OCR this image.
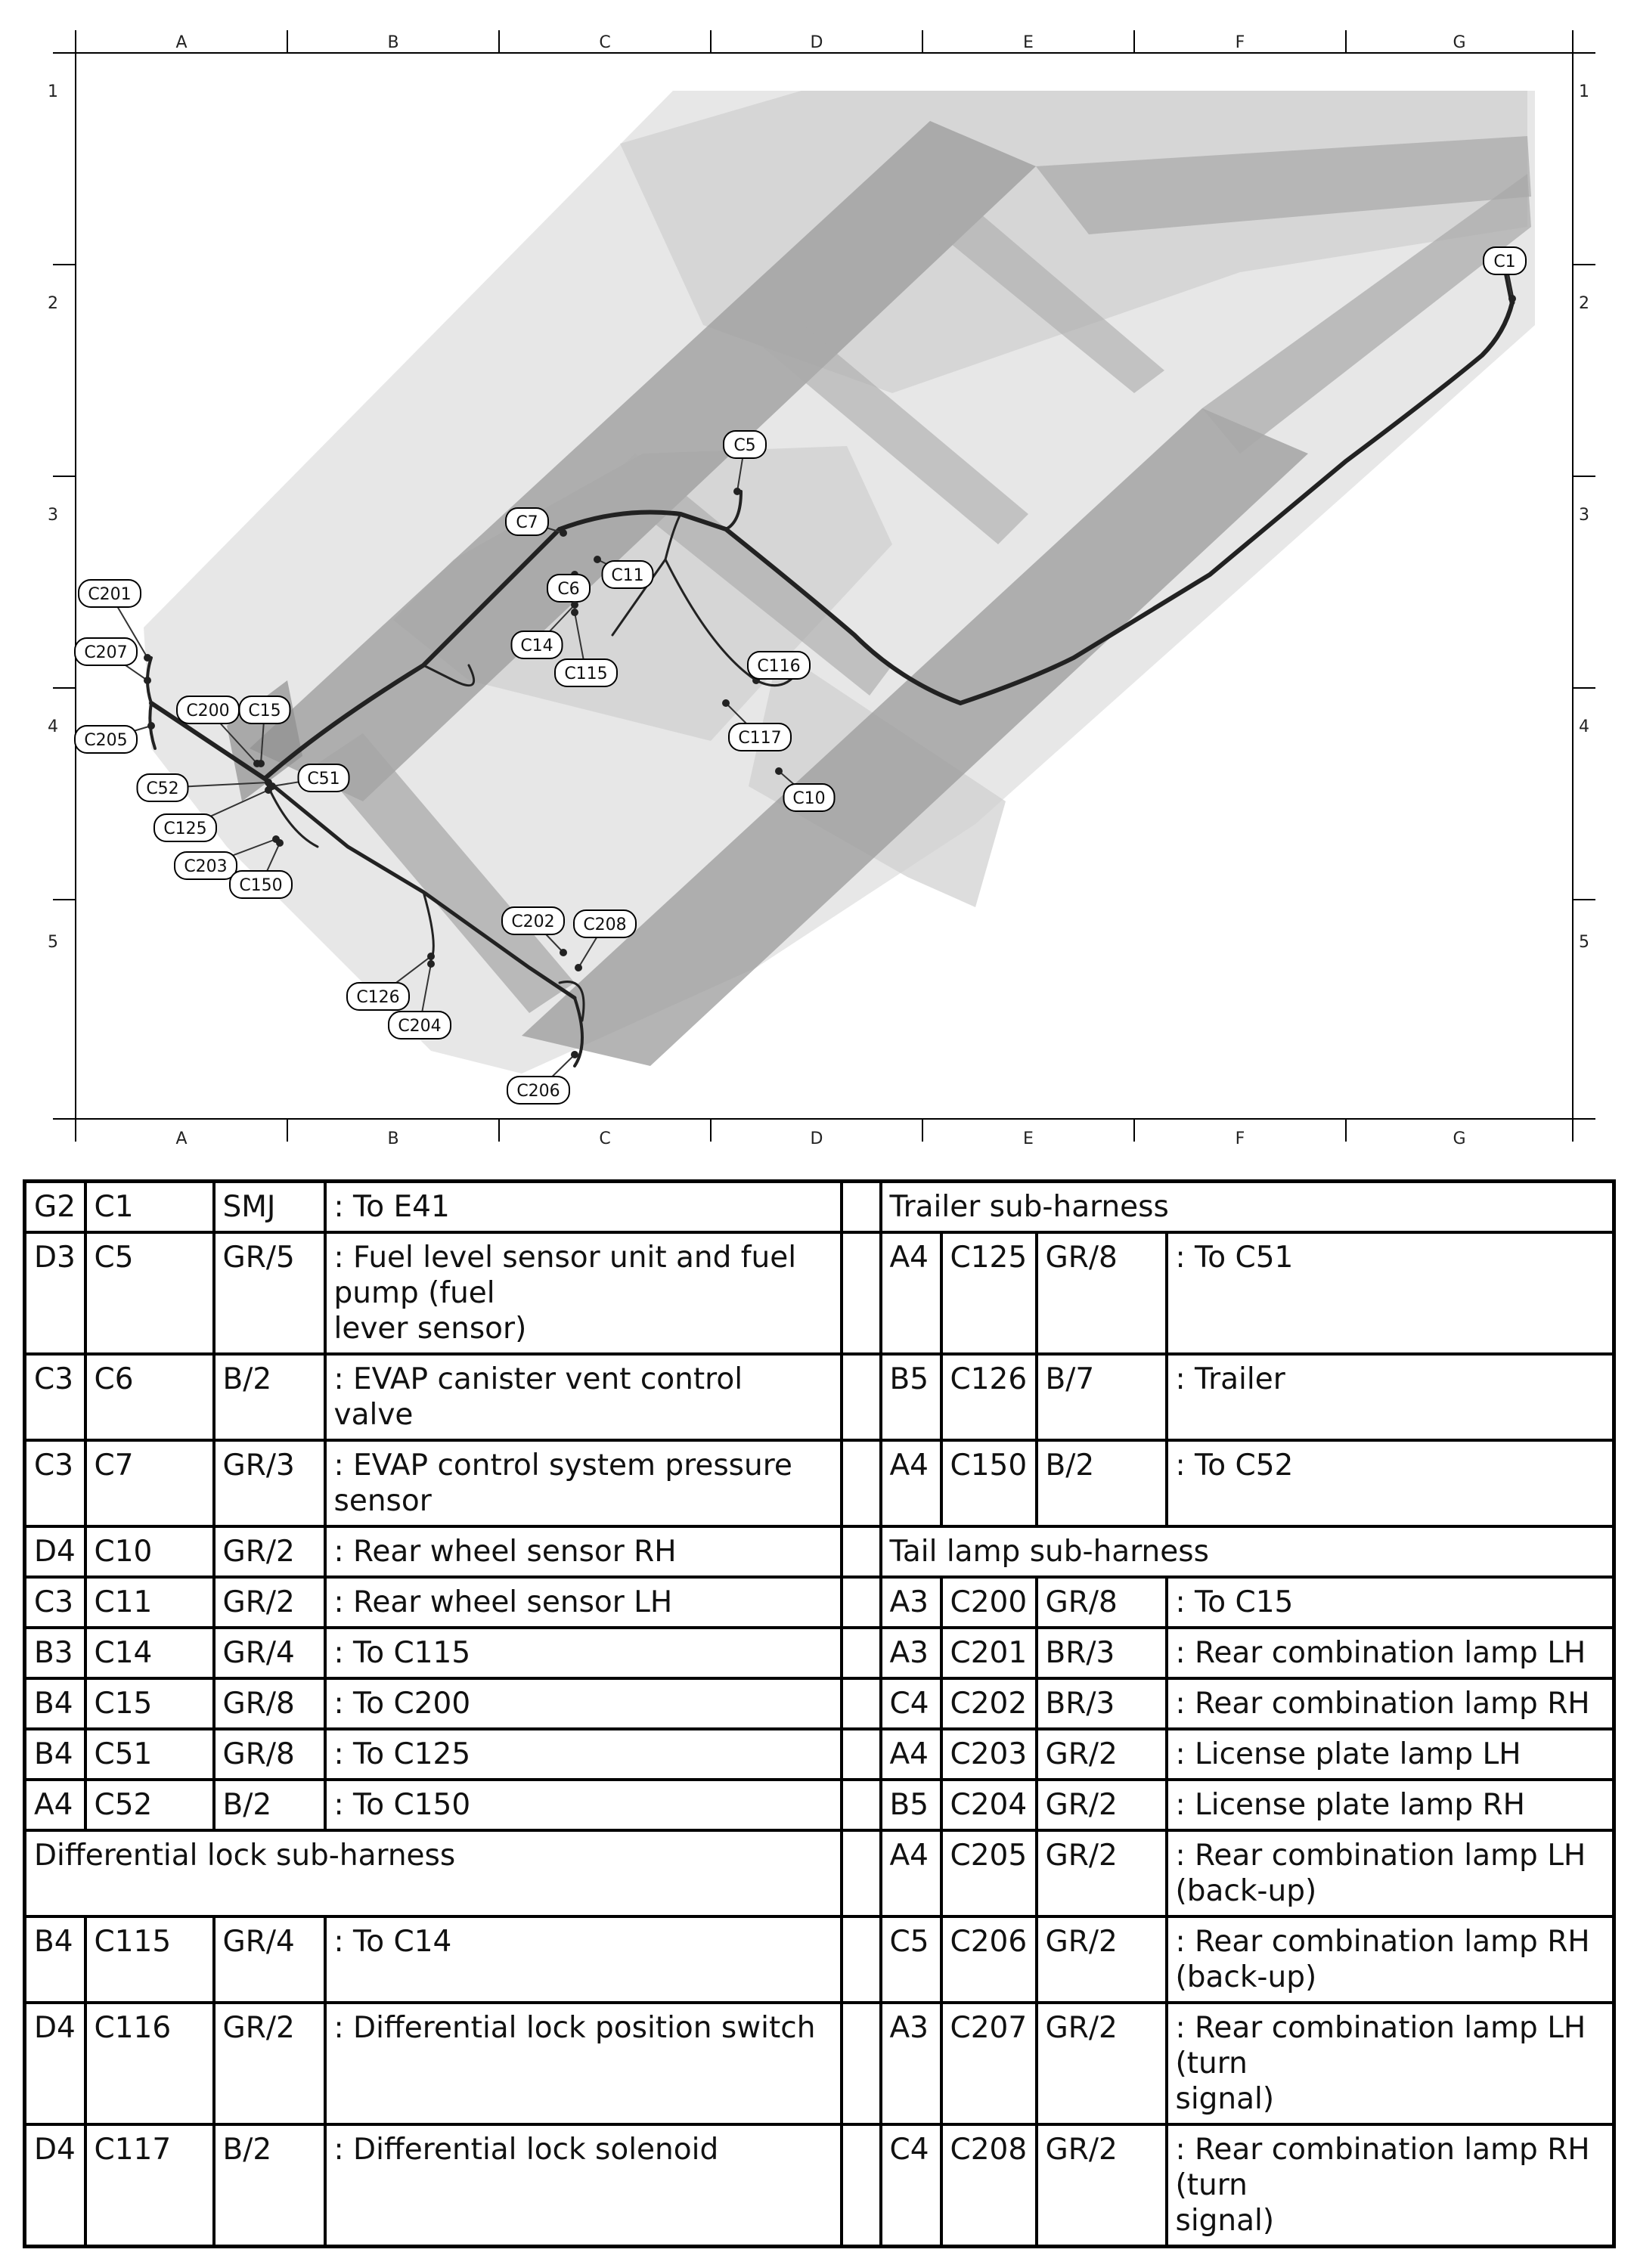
A
A
B
B
C
C
D
D
E
E
F
F
G
G
1	1
2	2
3	3
4	4
5	5
C1
C5
C7
C6
C11
C14
C115	C116
C117
C10
C201
C207
C205
C200 C15
C52
C51
C125
C203
C150
C202 C208
C126
C204
C206
G2	C1	SMJ	: To E41		Trailer sub-harness			
D3	C5	GR/5	: Fuel level sensor unit and fuel
pump (fuel
lever sensor)		A4	C125	GR/8	: To C51
C3	C6	B/2	: EVAP canister vent control
valve		B5	C126	B/7	: Trailer
C3	C7	GR/3	: EVAP control system pressure
sensor		A4	C150	B/2	: To C52
D4	C10	GR/2	: Rear wheel sensor RH		Tail lamp sub-harness			
C3	C11	GR/2	: Rear wheel sensor LH		A3	C200	GR/8	: To C15
B3	C14	GR/4	: To C115		A3	C201	BR/3	: Rear combination lamp LH
B4	C15	GR/8	: To C200		C4	C202	BR/3	: Rear combination lamp RH
B4	C51	GR/8	: To C125		A4	C203	GR/2	: License plate lamp LH
A4	C52	B/2	: To C150		B5	C204	GR/2	: License plate lamp RH
Differential lock sub-harness					A4	C205	GR/2	: Rear combination lamp LH
(back-up)
B4	C115	GR/4	: To C14		C5	C206	GR/2	: Rear combination lamp RH
(back-up)
D4	C116	GR/2	: Differential lock position switch		A3	C207	GR/2	: Rear combination lamp LH
(turn
signal)
D4	C117	B/2	: Differential lock solenoid		C4	C208	GR/2	: Rear combination lamp RH
(turn
signal)
